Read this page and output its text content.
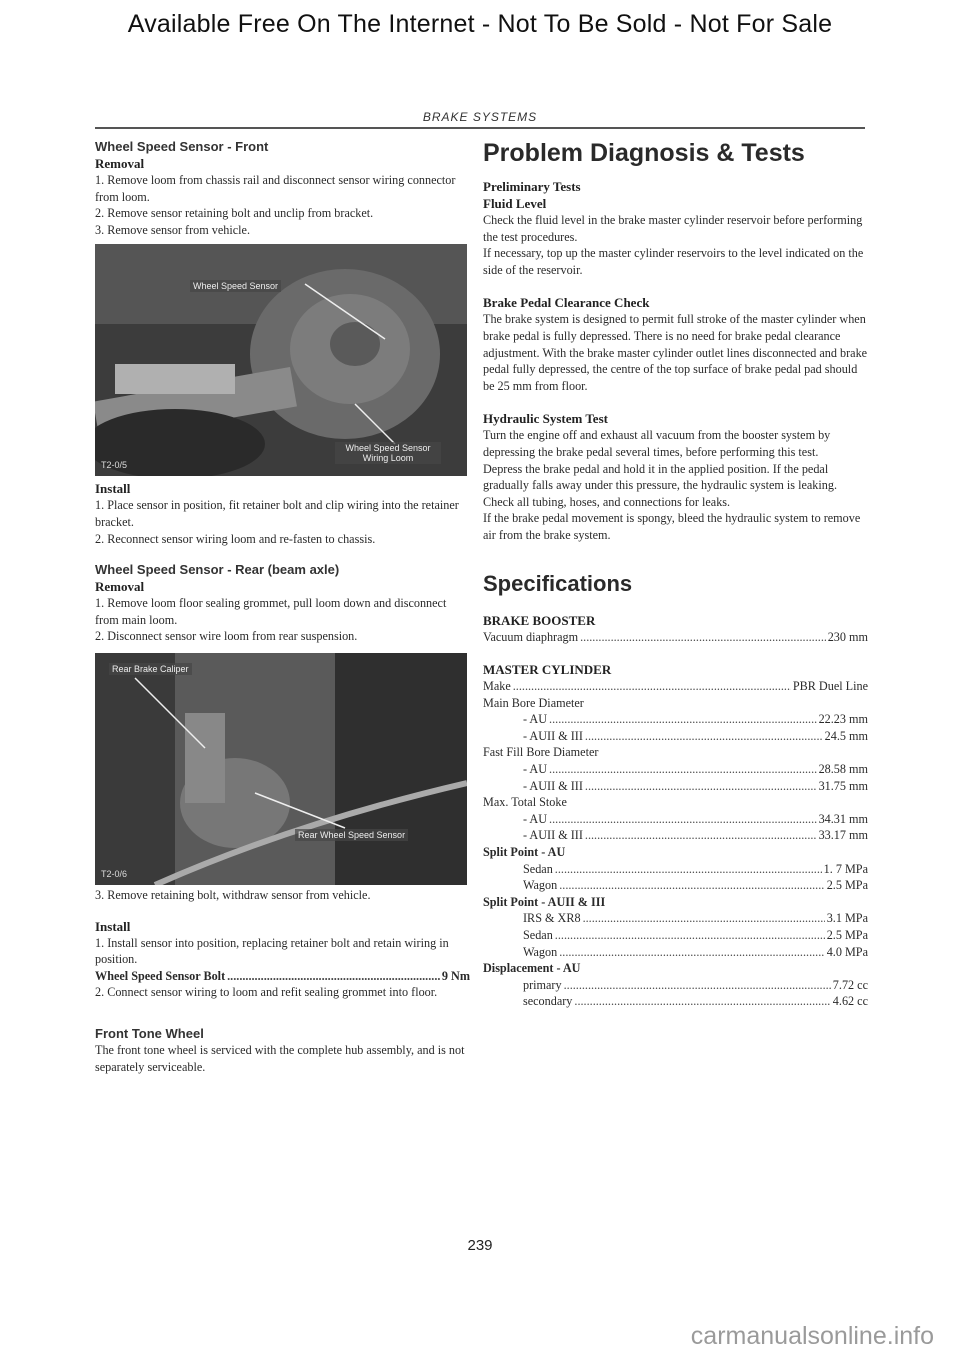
Available Free On The Internet - Not To Be Sold - Not For Sale
BRAKE SYSTEMS
Wheel Speed Sensor - Front
Removal

1. Remove loom from chassis rail and disconnect sensor wiring connector from loom.

2. Remove sensor retaining bolt and unclip from bracket.

3. Remove sensor from vehicle.

Wheel Speed Sensor
Wheel Speed Sensor Wiring Loom
T2-0/5
Install

1. Place sensor in position, fit retainer bolt and clip wiring into the retainer bracket.

2. Reconnect sensor wiring loom and re-fasten to chassis.

Wheel Speed Sensor - Rear (beam axle)
Removal

1. Remove loom floor sealing grommet, pull loom down and disconnect from main loom.

2. Disconnect sensor wire loom from rear suspension.

Rear Brake Caliper
Rear Wheel Speed Sensor
T2-0/6

3. Remove retaining bolt, withdraw sensor from vehicle.

Install

1. Install sensor into position, replacing retainer bolt and retain wiring in position.

Wheel Speed Sensor Bolt .....	9 Nm

2. Connect sensor wiring to loom and refit sealing grommet into floor.

Front Tone Wheel

The front tone wheel is serviced with the complete hub assembly, and is not separately serviceable.

Problem Diagnosis & Tests
Preliminary Tests
Fluid Level

Check the fluid level in the brake master cylinder reservoir before performing the test procedures.

If necessary, top up the master cylinder reservoirs to the level indicated on the side of the reservoir.

Brake Pedal Clearance Check

The brake system is designed to permit full stroke of the master cylinder when brake pedal is fully depressed. There is no need for brake pedal clearance adjustment. With the brake master cylinder outlet lines disconnected and brake pedal fully depressed, the centre of the top surface of brake pedal pad should be 25 mm from floor.

Hydraulic System Test

Turn the engine off and exhaust all vacuum from the booster system by depressing the brake pedal several times, before performing this test.

Depress the brake pedal and hold it in the applied position. If the pedal gradually falls away under this pressure, the hydraulic system is leaking. Check all tubing, hoses, and connections for leaks.

If the brake pedal movement is spongy, bleed the hydraulic system to remove air from the brake system.

Specifications
BRAKE BOOSTER
Vacuum diaphragm .....	230 mm
MASTER CYLINDER
Make .....	PBR Duel Line

Main Bore Diameter

- AU .....	22.23 mm
- AUII & III .....	24.5 mm

Fast Fill Bore Diameter

- AU .....	28.58 mm
- AUII & III .....	31.75 mm

Max. Total Stoke

- AU .....	34.31 mm
- AUII & III .....	33.17 mm

Split Point - AU

Sedan .....	1. 7 MPa
Wagon .....	2.5 MPa

Split Point - AUII & III

IRS & XR8 .....	3.1 MPa
Sedan .....	2.5 MPa
Wagon .....	4.0 MPa

Displacement - AU

primary .....	7.72 cc
secondary .....	4.62 cc
239
carmanualsonline.info
